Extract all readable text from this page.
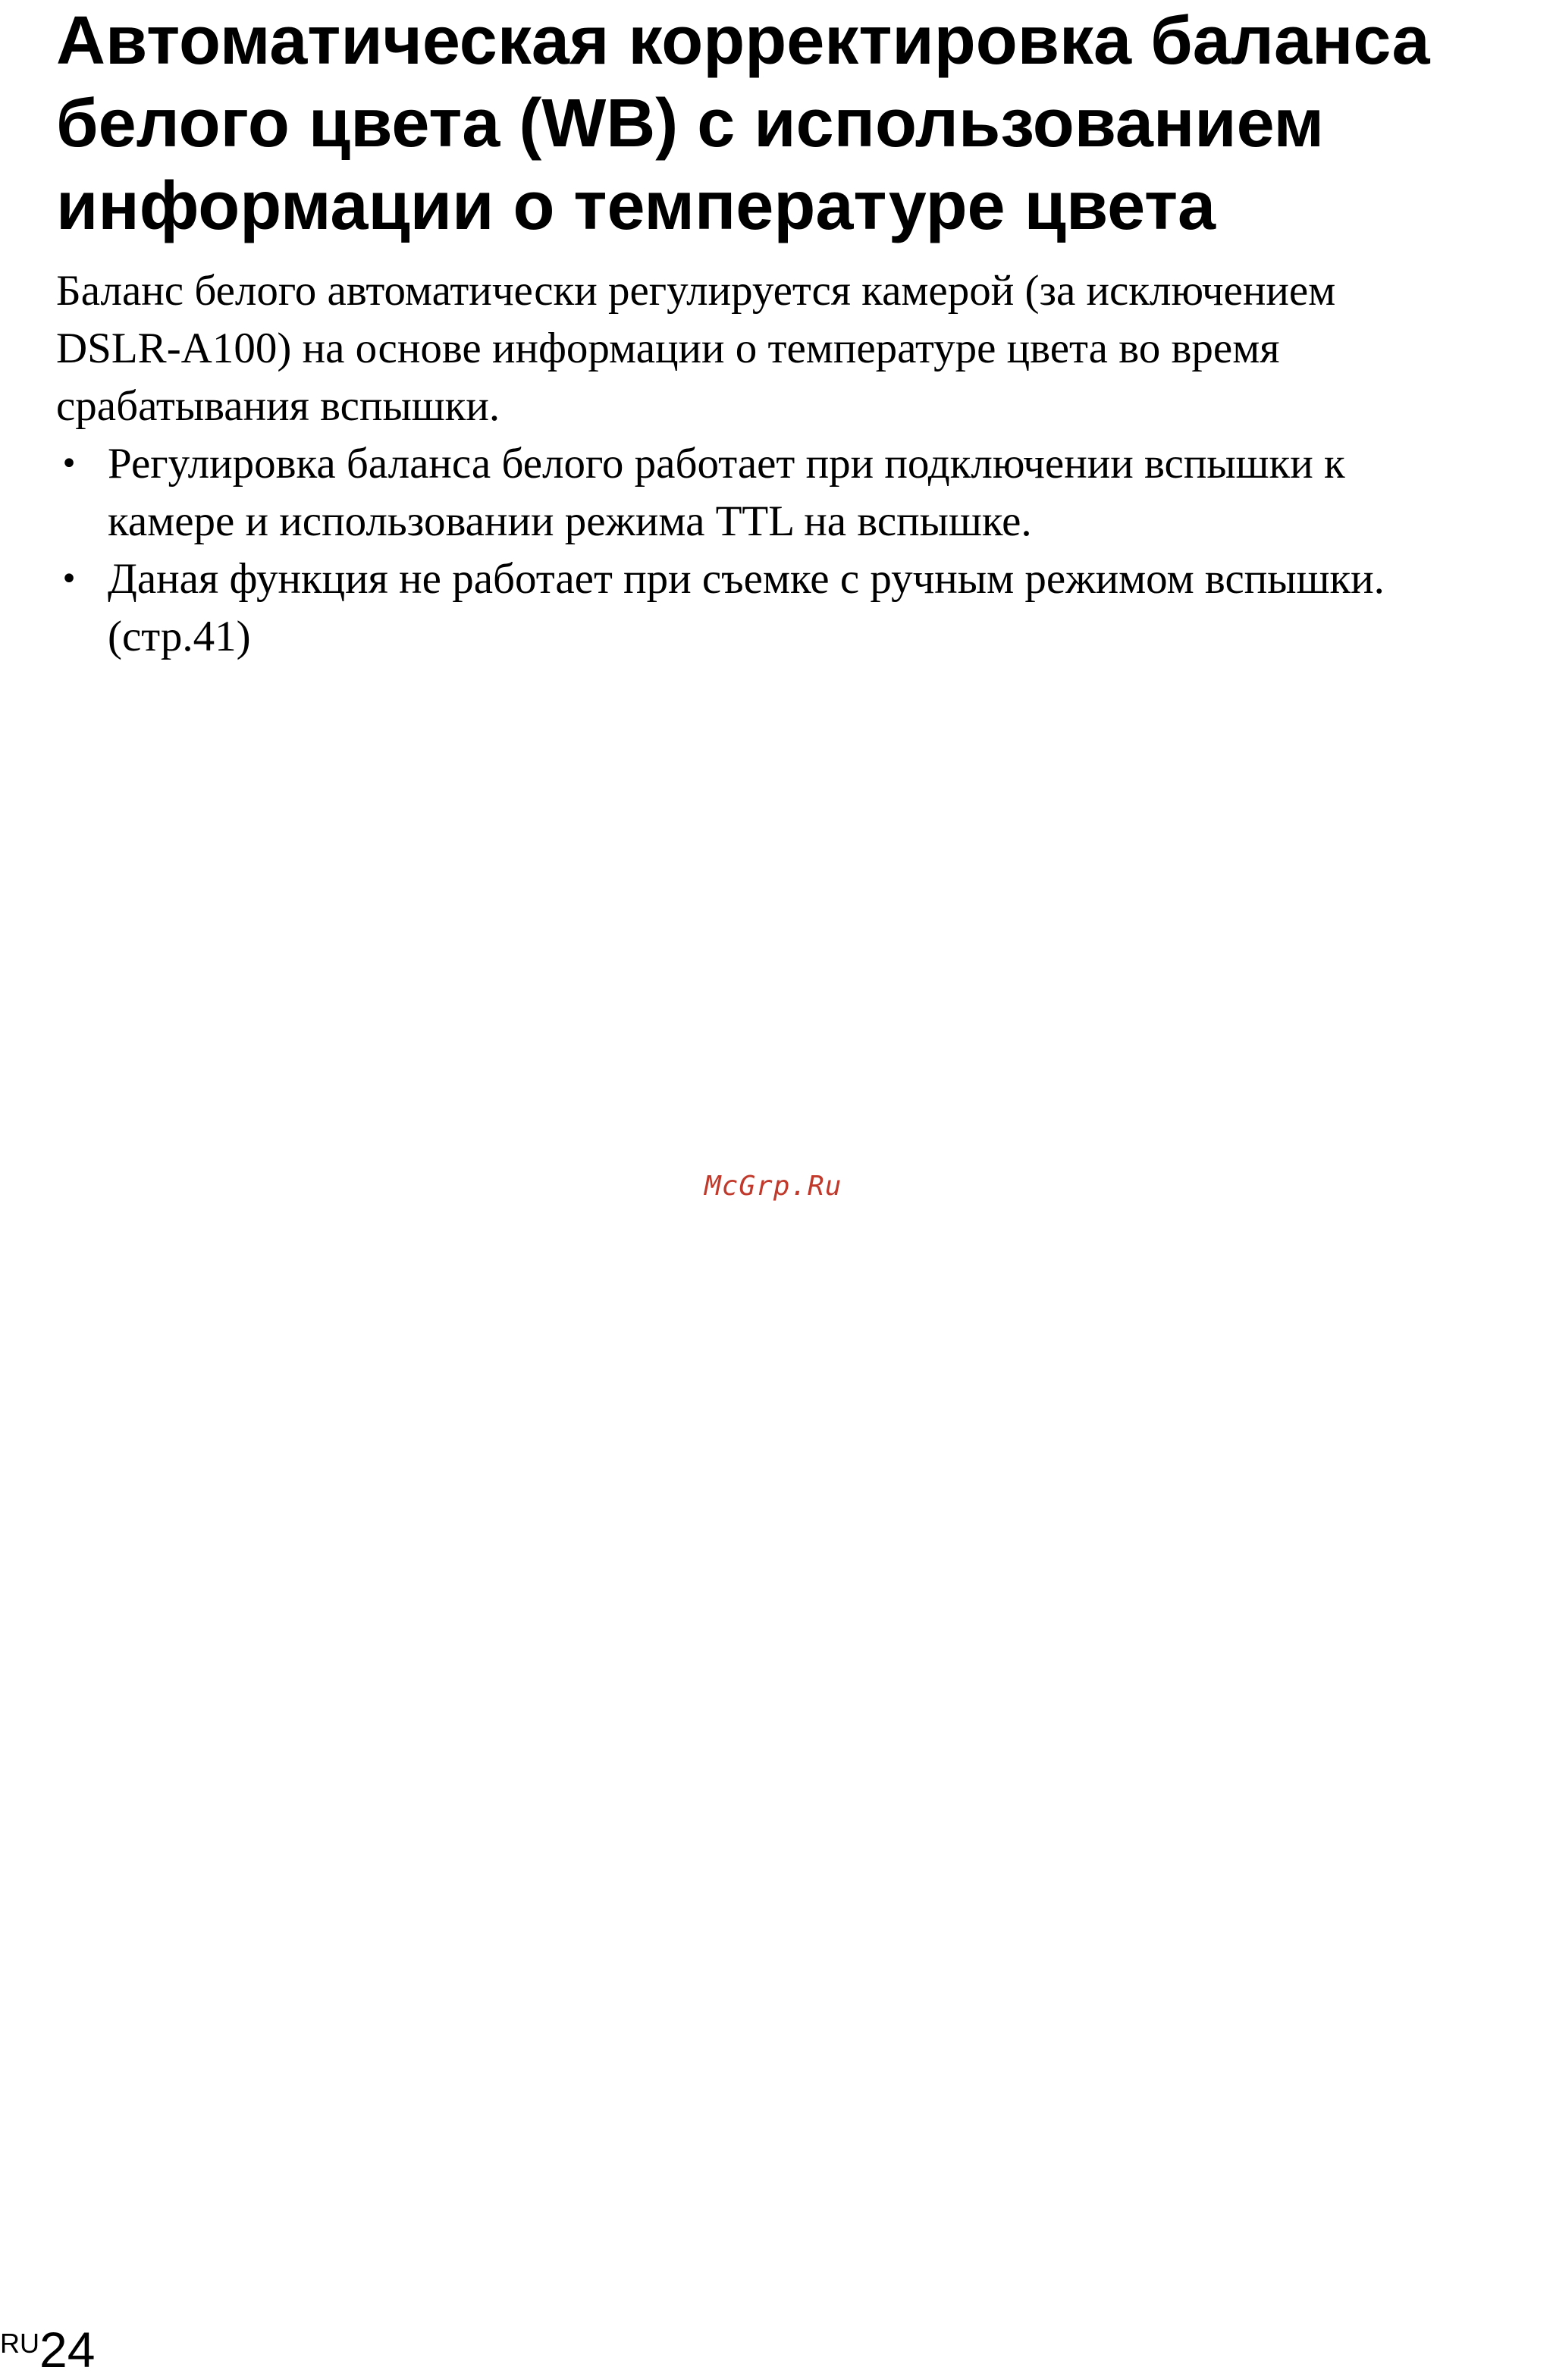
Автоматическая корректировка баланса
белого цвета (WB) с использованием
информации о температуре цвета

Баланс белого автоматически регулируется камерой (за исключением
DSLR-A100) на основе информации о температуре цвета во время
срабатывания вспышки.

• Регулировка баланса белого работает при подключении вспышки к
камере и использовании режима TTL на вспышке.
• Даная функция не работает при съемке с ручным режимом вспышки.
(стр.41)
McGrp.Ru
RU24
